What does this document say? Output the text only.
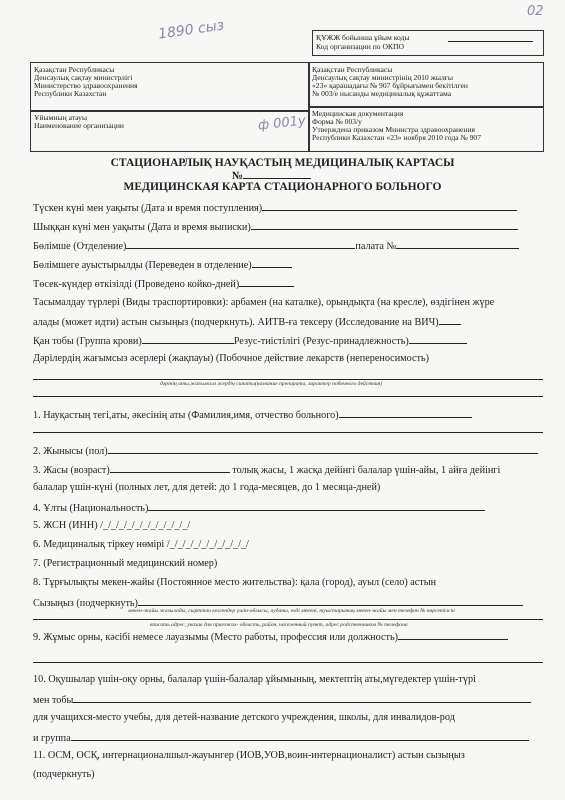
1890 сыз
02
ф 001у
ҚҰЖЖ бойынша ұйым коды
Код организации по ОКПО
Қазақстан Республикасы
Денсаулық сақтау министрлігі
Министерство здравоохранения
Республики Казахстан
Ұйымның атауы
Наименование организации
Қазақстан Республикасы
Денсаулық сақтау министрінің 2010 жылғы
«23» қарашадағы № 907 бұйрығымен бекітілген
№ 003/е нысанды медициналық құжаттама
Медицинская документация
Форма № 003/у
Утверждена приказом Министра здравоохранения
Республики Казахстан «23» ноября 2010 года № 907
СТАЦИОНАРЛЫҚ НАУҚАСТЫҢ МЕДИЦИНАЛЫҚ КАРТАСЫ
№
МЕДИЦИНСКАЯ КАРТА СТАЦИОНАРНОГО БОЛЬНОГО
Түскен күні мен уақыты (Дата и время поступления)
Шыққан күні мен уақыты (Дата и время выписки)
Бөлімше (Отделение)	палата №
Бөлімшеге ауыстырылды (Переведен в отделение)
Төсек-күндер өткізілді (Проведено койко-дней)
Тасымалдау түрлері (Виды траспортировки): арбамен (на каталке), орындықта (на кресле), өздігінен жүре
алады (может идти) астын сызыңыз (подчеркнуть). АИТВ-ға тексеру (Исследование на ВИЧ)
Қан тобы (Группа крови)	Резус-тиістілігі (Резус-принадлежность)
Дәрілердің жағымсыз әсерлері (жақпауы) (Побочное действие лекарств (непереносимость)
дәрінің аты,жағымсыз әсердің сипаты(название препарата, характер побочного действия)
1. Науқастың тегі,аты, әкесінің аты (Фамилия,имя, отчество больного)
2. Жынысы (пол)
3. Жасы (возраст)	толық жасы, 1 жасқа дейінгі балалар үшін-айы, 1 айға дейінгі
балалар үшін-күні (полных лет, для детей: до 1 года-месяцев, до 1 месяца-дней)
4. Ұлты (Национальность)
5. ЖСН (ИНН) /_/_/_/_/_/_/_/_/_/_/_/
6. Медициналық тіркеу нөмірі /_/_/_/_/_/_/_/_/_/_/
7. (Регистрационный медицинский номер)
8. Тұрғылықты мекен-жайы (Постоянное место жительства): қала (город), ауыл (село) астын
Сызыңыз (подчеркнуть)
мекен-жайы жазылады, сырттан келгендер үшін-облысы, ауданы, елді мекені, туыстарының мекен-жайы мен телефон № көрсетілсін
вписать адрес, указав для приезжих- область, район, населенный пункт, адрес родственников № телефона
9. Жұмыс орны, кәсібі немесе лауазымы (Место работы, профессия или должность)
10. Оқушылар үшін-оқу орны, балалар үшін-балалар ұйымының, мектептің аты,мүгедектер үшін-түрі
мен тобы
для учащихся-место учебы, для детей-название детского учреждения, школы, для инвалидов-род
и группа
11. ОСМ, ОСҚ, интернационалшыл-жауынгер (ИОВ,УОВ,воин-интернационалист) астын сызыңыз
(подчеркнуть)
